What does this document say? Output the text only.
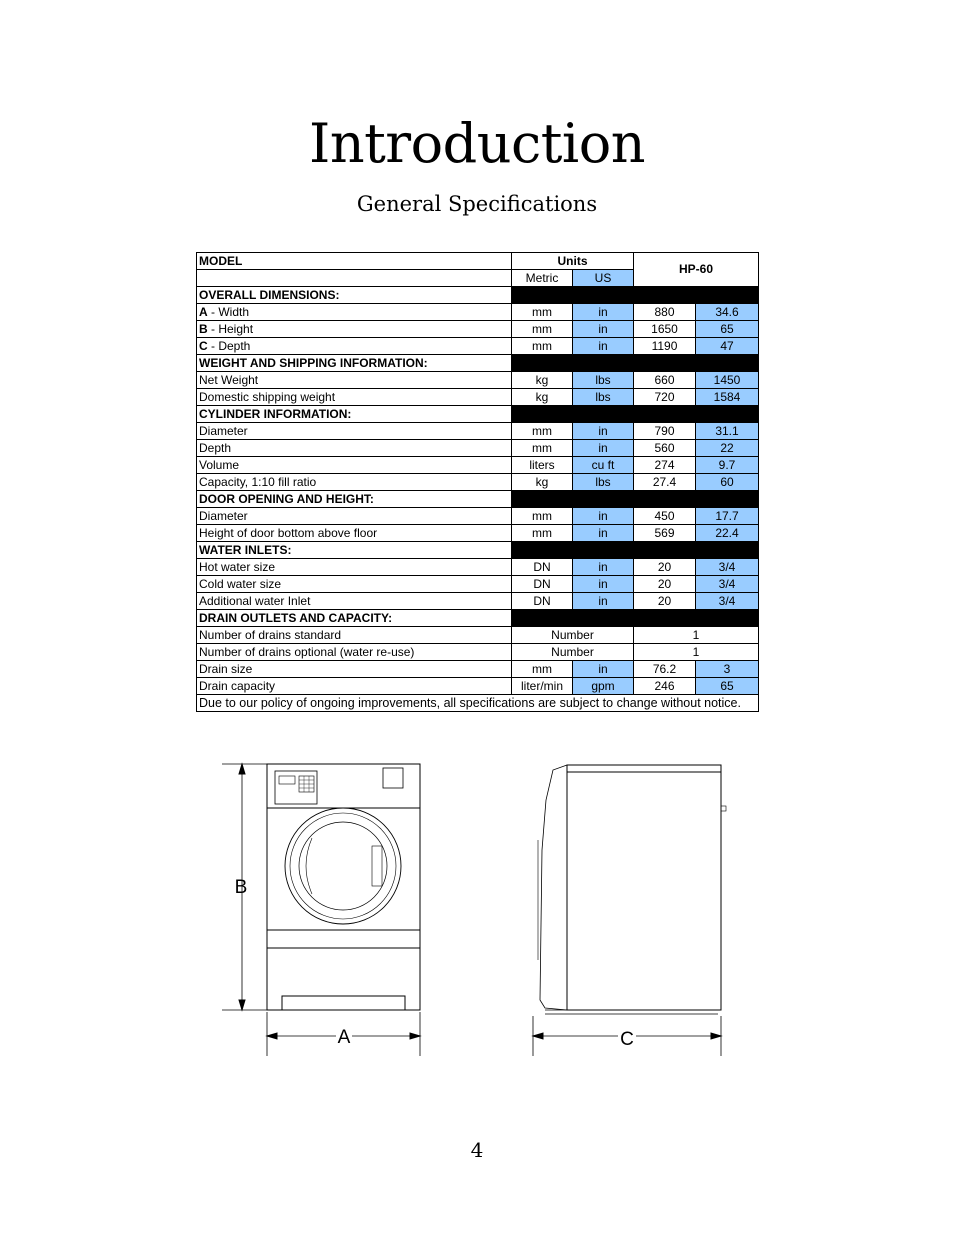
Introduction
General Specifications
MODEL	Units		HP-60	
	Metric	US		
OVERALL DIMENSIONS:				
A - Width	mm	in	880	34.6
B - Height	mm	in	1650	65
C - Depth	mm	in	1190	47
WEIGHT AND SHIPPING INFORMATION:				
Net Weight	kg	lbs	660	1450
Domestic shipping weight	kg	lbs	720	1584
CYLINDER INFORMATION:				
Diameter	mm	in	790	31.1
Depth	mm	in	560	22
Volume	liters	cu ft	274	9.7
Capacity, 1:10 fill ratio	kg	lbs	27.4	60
DOOR OPENING AND HEIGHT:				
Diameter	mm	in	450	17.7
Height of door bottom above floor	mm	in	569	22.4
WATER INLETS:				
Hot water size	DN	in	20	3/4
Cold water size	DN	in	20	3/4
Additional water Inlet	DN	in	20	3/4
DRAIN OUTLETS AND CAPACITY:				
Number of drains standard	Number		1	
Number of drains optional (water re-use)	Number		1	
Drain size	mm	in	76.2	3
Drain capacity	liter/min	gpm	246	65
Due to our policy of ongoing improvements, all specifications are subject to change without notice.				
B
A	C
4
